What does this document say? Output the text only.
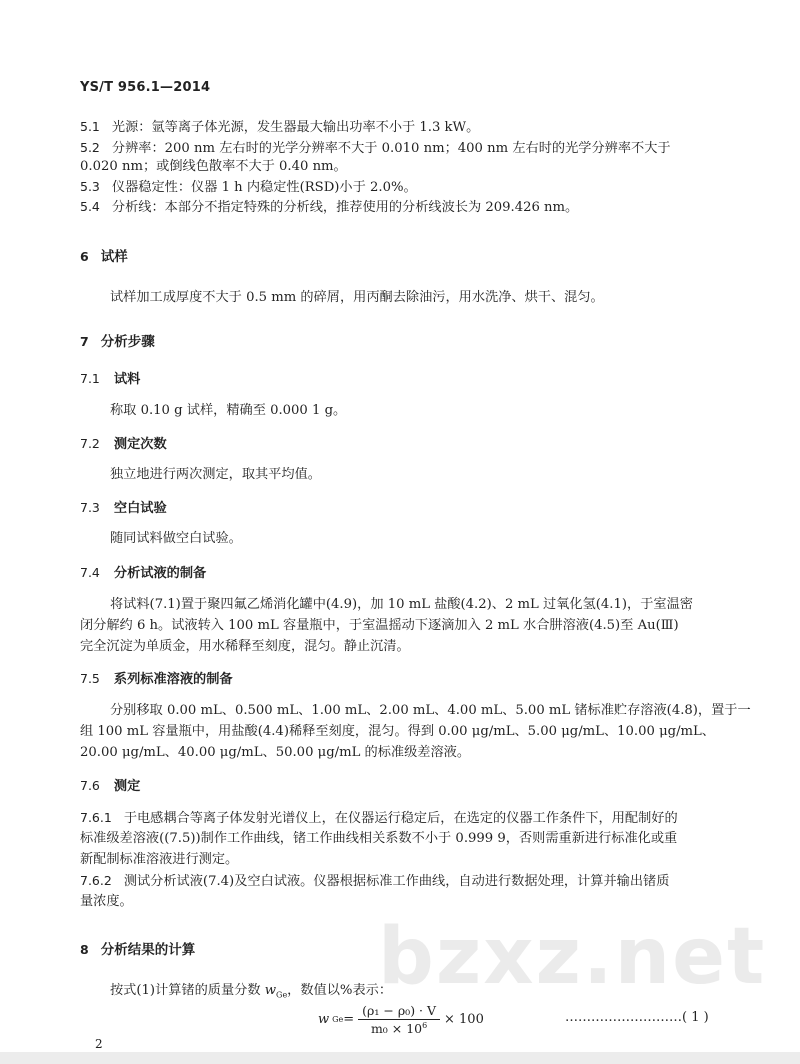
YS/T 956.1—2014
5.1 光源：氩等离子体光源，发生器最大输出功率不小于 1.3 kW。
5.2 分辨率：200 nm 左右时的光学分辨率不大于 0.010 nm；400 nm 左右时的光学分辨率不大于
0.020 nm；或倒线色散率不大于 0.40 nm。
5.3 仪器稳定性：仪器 1 h 内稳定性(RSD)小于 2.0%。
5.4 分析线：本部分不指定特殊的分析线，推荐使用的分析线波长为 209.426 nm。
6 试样
试样加工成厚度不大于 0.5 mm 的碎屑，用丙酮去除油污，用水洗净、烘干、混匀。
7 分析步骤
7.1 试料
称取 0.10 g 试样，精确至 0.000 1 g。
7.2 测定次数
独立地进行两次测定，取其平均值。
7.3 空白试验
随同试料做空白试验。
7.4 分析试液的制备
将试料(7.1)置于聚四氟乙烯消化罐中(4.9)，加 10 mL 盐酸(4.2)、2 mL 过氧化氢(4.1)，于室温密
闭分解约 6 h。试液转入 100 mL 容量瓶中，于室温摇动下逐滴加入 2 mL 水合肼溶液(4.5)至 Au(Ⅲ)
完全沉淀为单质金，用水稀释至刻度，混匀。静止沉清。
7.5 系列标准溶液的制备
分别移取 0.00 mL、0.500 mL、1.00 mL、2.00 mL、4.00 mL、5.00 mL 锗标准贮存溶液(4.8)，置于一
组 100 mL 容量瓶中，用盐酸(4.4)稀释至刻度，混匀。得到 0.00 μg/mL、5.00 μg/mL、10.00 μg/mL、
20.00 μg/mL、40.00 μg/mL、50.00 μg/mL 的标准级差溶液。
7.6 测定
7.6.1 于电感耦合等离子体发射光谱仪上，在仪器运行稳定后，在选定的仪器工作条件下，用配制好的
标准级差溶液((7.5))制作工作曲线，锗工作曲线相关系数不小于 0.999 9，否则需重新进行标准化或重
新配制标准溶液进行测定。
7.6.2 测试分析试液(7.4)及空白试液。仪器根据标准工作曲线，自动进行数据处理，计算并输出锗质
量浓度。
bzxz.net
8 分析结果的计算
按式(1)计算锗的质量分数 $w_{Ge}$，数值以%表示：
w $Ge = \frac{\text{(ρ₁ − ρ₀) · V}}{m_0 \times 10^6} \times 100$	………………………( 1 )
2
